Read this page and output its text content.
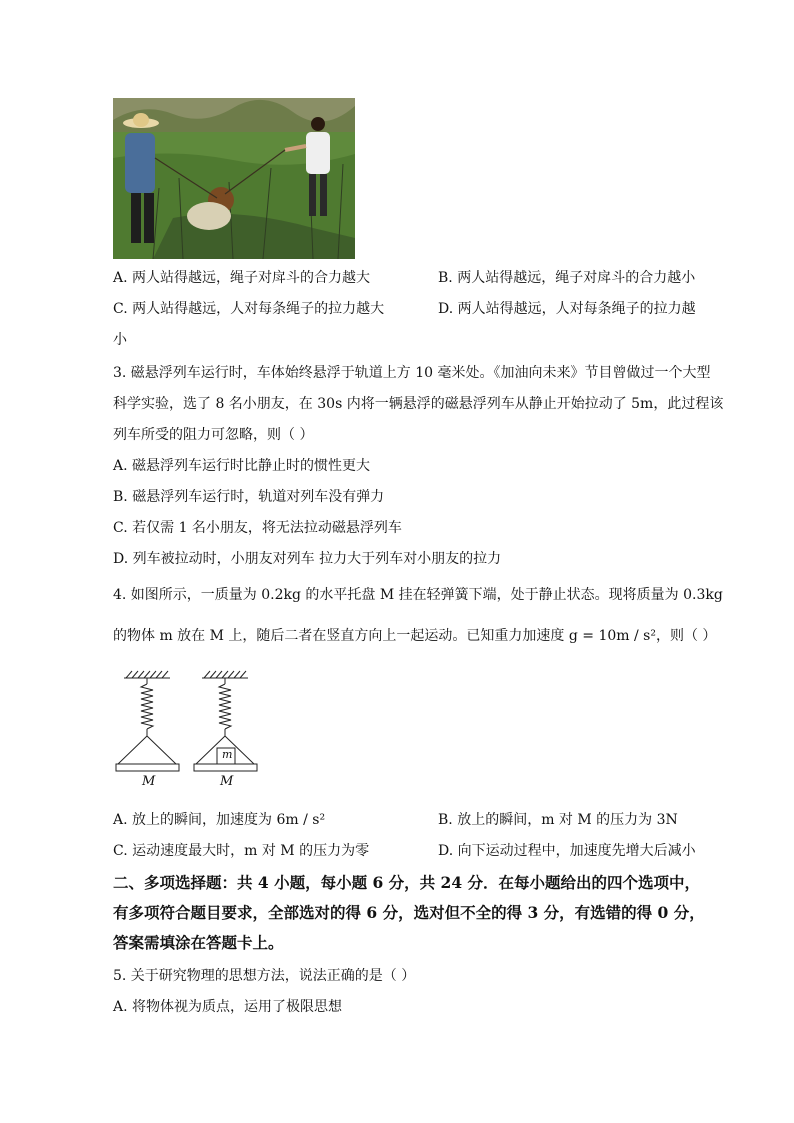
A. 两人站得越远，绳子对戽斗的合力越大	B. 两人站得越远，绳子对戽斗的合力越小
C. 两人站得越远，人对每条绳子的拉力越大	D. 两人站得越远，人对每条绳子的拉力越
小
3. 磁悬浮列车运行时，车体始终悬浮于轨道上方 10 毫米处。《加油向未来》节目曾做过一个大型
科学实验，选了 8 名小朋友，在 30s 内将一辆悬浮的磁悬浮列车从静止开始拉动了 5m，此过程该
列车所受的阻力可忽略，则（ ）
A. 磁悬浮列车运行时比静止时的惯性更大
B. 磁悬浮列车运行时，轨道对列车没有弹力
C. 若仅需 1 名小朋友，将无法拉动磁悬浮列车
D. 列车被拉动时，小朋友对列车 拉力大于列车对小朋友的拉力
4. 如图所示，一质量为 0.2kg 的水平托盘 M 挂在轻弹簧下端，处于静止状态。现将质量为 0.3kg
的物体 m 放在 M 上，随后二者在竖直方向上一起运动。已知重力加速度 g = 10m / s²，则（ ）
M	M
m
A. 放上的瞬间，加速度为 6m / s²	B. 放上的瞬间，m 对 M 的压力为 3N
C. 运动速度最大时，m 对 M 的压力为零	D. 向下运动过程中，加速度先增大后减小
二、多项选择题：共 4 小题，每小题 6 分，共 24 分．在每小题给出的四个选项中，
有多项符合题目要求，全部选对的得 6 分，选对但不全的得 3 分，有选错的得 0 分，
答案需填涂在答题卡上。
5. 关于研究物理的思想方法，说法正确的是（ ）
A. 将物体视为质点，运用了极限思想
